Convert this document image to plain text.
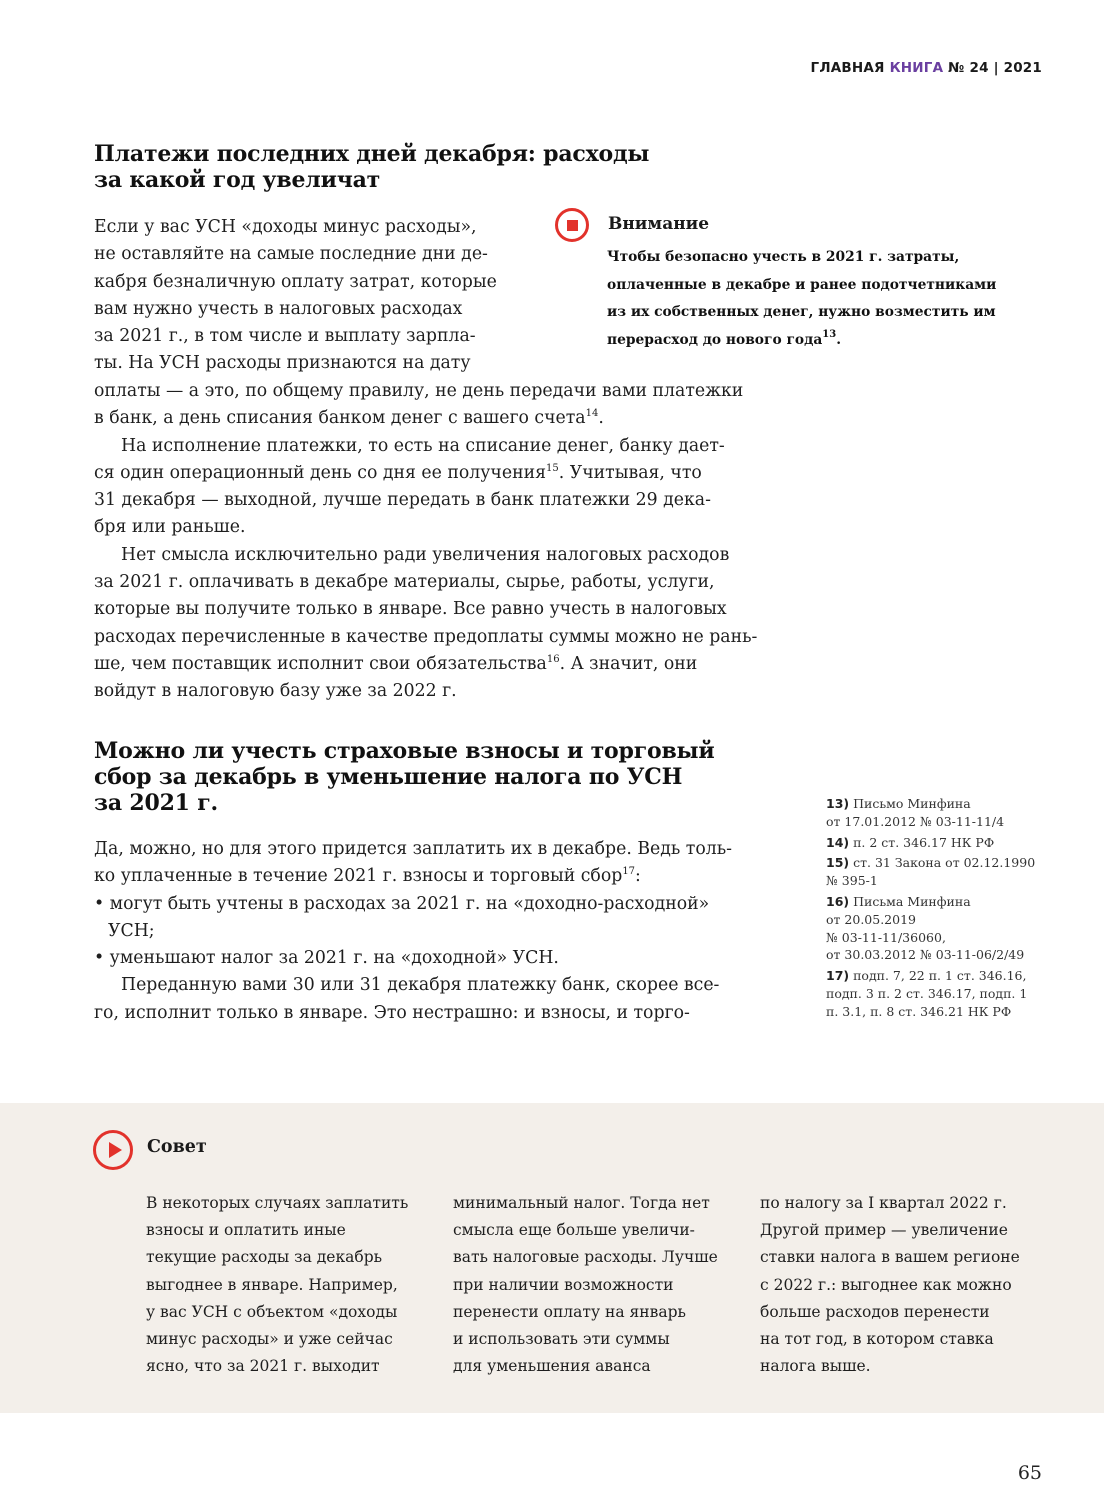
ГЛАВНАЯ КНИГА № 24 | 2021
Платежи последних дней декабря: расходы
за какой год увеличат
Если у вас УСН «доходы минус расходы»,
не оставляйте на самые последние дни де-
кабря безналичную оплату затрат, которые
вам нужно учесть в налоговых расходах
за 2021 г., в том числе и выплату зарпла-
ты. На УСН расходы признаются на дату
оплаты — а это, по общему правилу, не день передачи вами платежки
в банк, а день списания банком денег с вашего счета$^{14}$.
На исполнение платежки, то есть на списание денег, банку дает-
ся один операционный день со дня ее получения$^{15}$. Учитывая, что
31 декабря — выходной, лучше передать в банк платежки 29 дека-
бря или раньше.
Нет смысла исключительно ради увеличения налоговых расходов
за 2021 г. оплачивать в декабре материалы, сырье, работы, услуги,
которые вы получите только в январе. Все равно учесть в налоговых
расходах перечисленные в качестве предоплаты суммы можно не рань-
ше, чем поставщик исполнит свои обязательства$^{16}$. А значит, они
войдут в налоговую базу уже за 2022 г.
Внимание
Чтобы безопасно учесть в 2021 г. затраты,
оплаченные в декабре и ранее подотчетниками
из их собственных денег, нужно возместить им
перерасход до нового года$^{13}$.
Можно ли учесть страховые взносы и торговый
сбор за декабрь в уменьшение налога по УСН
за 2021 г.
Да, можно, но для этого придется заплатить их в декабре. Ведь толь-
ко уплаченные в течение 2021 г. взносы и торговый сбор$^{17}$:
• могут быть учтены в расходах за 2021 г. на «доходно-расходной»
УСН;
• уменьшают налог за 2021 г. на «доходной» УСН.
Переданную вами 30 или 31 декабря платежку банк, скорее все-
го, исполнит только в январе. Это нестрашно: и взносы, и торго-
13) Письмо Минфина
от 17.01.2012 № 03-11-11/4
14) п. 2 ст. 346.17 НК РФ
15) ст. 31 Закона от 02.12.1990
№ 395-1
16) Письма Минфина
от 20.05.2019
№ 03-11-11/36060,
от 30.03.2012 № 03-11-06/2/49
17) подп. 7, 22 п. 1 ст. 346.16,
подп. 3 п. 2 ст. 346.17, подп. 1
п. 3.1, п. 8 ст. 346.21 НК РФ
Совет
В некоторых случаях заплатить
взносы и оплатить иные
текущие расходы за декабрь
выгоднее в январе. Например,
у вас УСН с объектом «доходы
минус расходы» и уже сейчас
ясно, что за 2021 г. выходит
минимальный налог. Тогда нет
смысла еще больше увеличи-
вать налоговые расходы. Лучше
при наличии возможности
перенести оплату на январь
и использовать эти суммы
для уменьшения аванса
по налогу за I квартал 2022 г.
Другой пример — увеличение
ставки налога в вашем регионе
с 2022 г.: выгоднее как можно
больше расходов перенести
на тот год, в котором ставка
налога выше.
65
